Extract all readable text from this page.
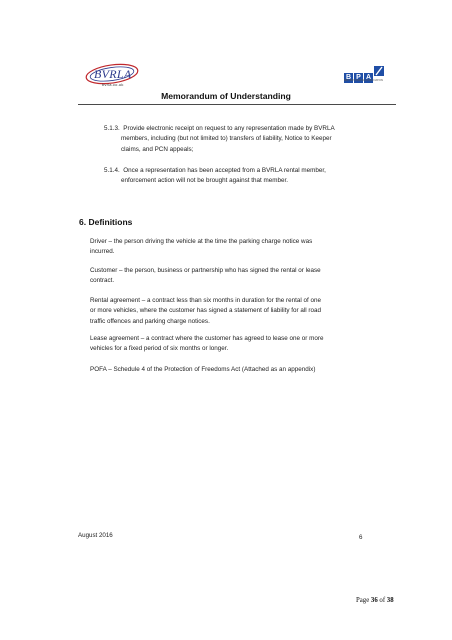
BVRLA
bvrla.co.uk
B P A
BRITISH PARKING ASSOCIATION
Memorandum of Understanding
5.1.3. Provide electronic receipt on request to any representation made by BVRLA
members, including (but not limited to) transfers of liability, Notice to Keeper
claims, and PCN appeals;
5.1.4. Once a representation has been accepted from a BVRLA rental member,
enforcement action will not be brought against that member.
6. Definitions
Driver – the person driving the vehicle at the time the parking charge notice was
incurred.
Customer – the person, business or partnership who has signed the rental or lease
contract.
Rental agreement – a contract less than six months in duration for the rental of one
or more vehicles, where the customer has signed a statement of liability for all road
traffic offences and parking charge notices.
Lease agreement – a contract where the customer has agreed to lease one or more
vehicles for a fixed period of six months or longer.
POFA – Schedule 4 of the Protection of Freedoms Act (Attached as an appendix)
August 2016	6
Page 36 of 38
